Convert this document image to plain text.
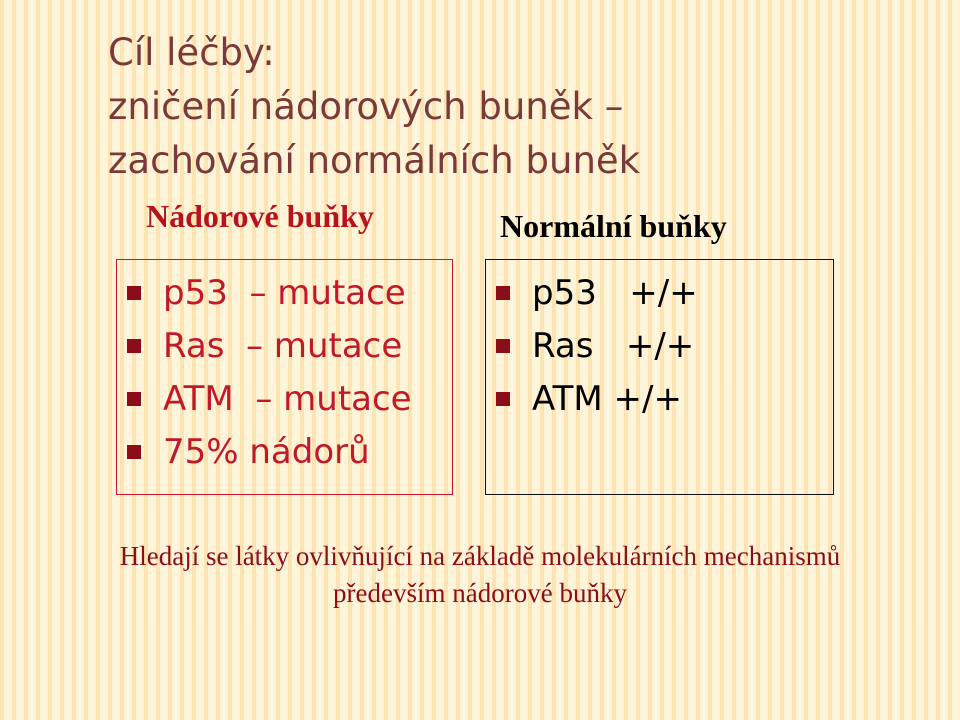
Cíl léčby:
zničení nádorových buněk –
zachování normálních buněk
Nádorové buňky	Normální buňky
p53  – mutace
Ras  – mutace
ATM  – mutace
75% nádorů
p53   +/+
Ras   +/+
ATM +/+

Hledají se látky ovlivňující na základě molekulárních mechanismů
především nádorové buňky
